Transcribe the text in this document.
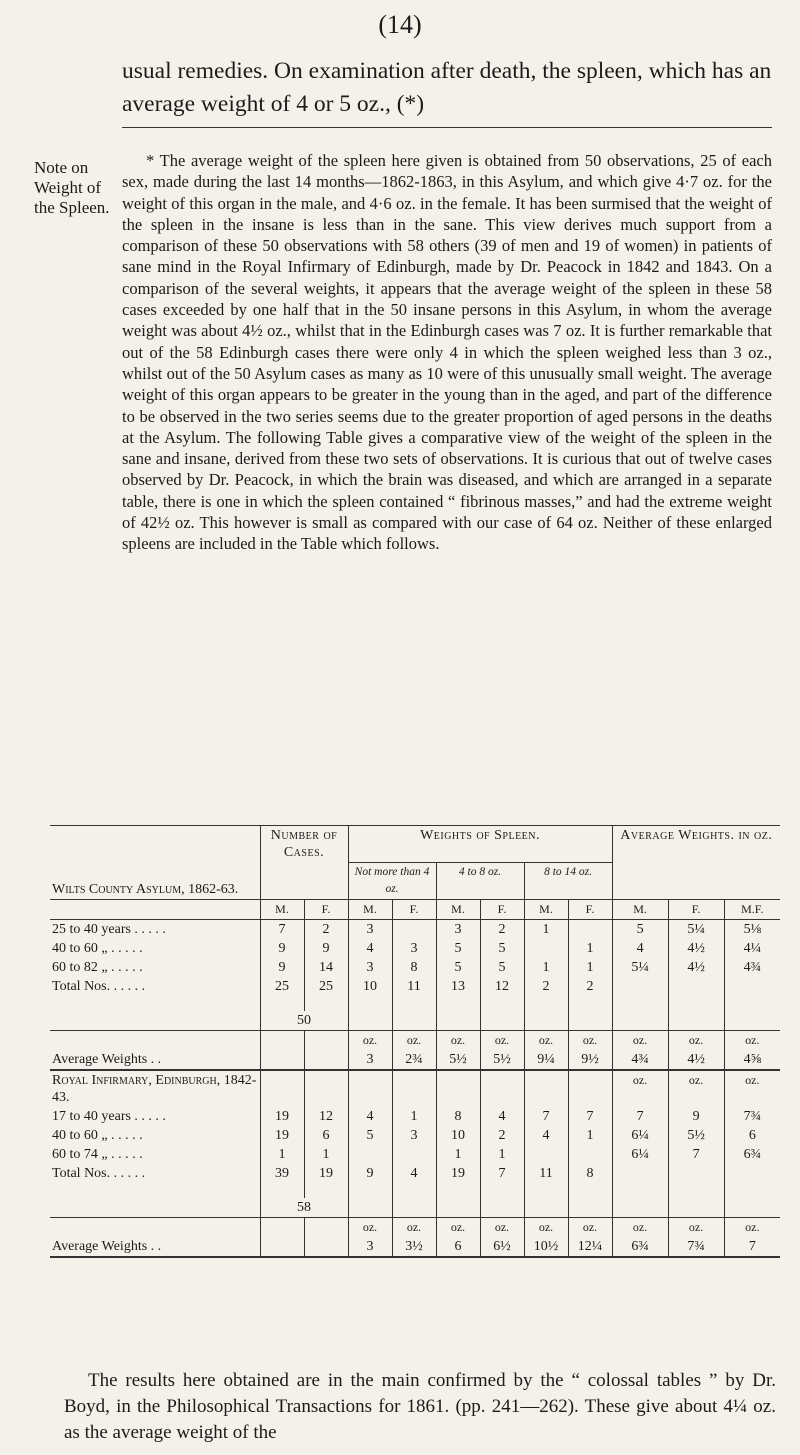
(14)
usual remedies. On examination after death, the spleen, which has an average weight of 4 or 5 oz., (*)
Note on
Weight of
the Spleen.

* The average weight of the spleen here given is obtained from 50 observations, 25 of each sex, made during the last 14 months—1862-1863, in this Asylum, and which give 4·7 oz. for the weight of this organ in the male, and 4·6 oz. in the female. It has been surmised that the weight of the spleen in the insane is less than in the sane. This view derives much support from a comparison of these 50 observations with 58 others (39 of men and 19 of women) in patients of sane mind in the Royal Infirmary of Edinburgh, made by Dr. Peacock in 1842 and 1843. On a comparison of the several weights, it appears that the average weight of the spleen in these 58 cases exceeded by one half that in the 50 insane persons in this Asylum, in whom the average weight was about 4½ oz., whilst that in the Edinburgh cases was 7 oz. It is further remarkable that out of the 58 Edinburgh cases there were only 4 in which the spleen weighed less than 3 oz., whilst out of the 50 Asylum cases as many as 10 were of this unusually small weight. The average weight of this organ appears to be greater in the young than in the aged, and part of the difference to be observed in the two series seems due to the greater proportion of aged persons in the deaths at the Asylum. The following Table gives a comparative view of the weight of the spleen in the sane and insane, derived from these two sets of observations. It is curious that out of twelve cases observed by Dr. Peacock, in which the brain was diseased, and which are arranged in a separate table, there is one in which the spleen contained “ fibrinous masses,” and had the extreme weight of 42½ oz. This however is small as compared with our case of 64 oz. Neither of these enlarged spleens are included in the Table which follows.

Wilts County Asylum, 1862-63.	Number of Cases.		Weights of Spleen.						Average Weights. in oz.		
			Not more than 4 oz.		4 to 8 oz.		8 to 14 oz.				
	M.	F.	M.	F.	M.	F.	M.	F.	M.	F.	M.F.
25 to 40 years . . . . .	7	2	3		3	2	1		5	5¼	5⅛
40 to 60 „ . . . . .	9	9	4	3	5	5		1	4	4½	4¼
60 to 82 „ . . . . .	9	14	3	8	5	5	1	1	5¼	4½	4¾
Total Nos. . . . . .	25	25	10	11	13	12	2	2			
	50										
			oz.	oz.	oz.	oz.	oz.	oz.	oz.	oz.	oz.
Average Weights . .			3	2¾	5½	5½	9¼	9½	4¾	4½	4⅝
Royal Infirmary, Edinburgh, 1842-43.									oz.	oz.	oz.
17 to 40 years . . . . .	19	12	4	1	8	4	7	7	7	9	7¾
40 to 60 „ . . . . .	19	6	5	3	10	2	4	1	6¼	5½	6
60 to 74 „ . . . . .	1	1			1	1			6¼	7	6¾
Total Nos. . . . . .	39	19	9	4	19	7	11	8			
	58										
			oz.	oz.	oz.	oz.	oz.	oz.	oz.	oz.	oz.
Average Weights . .			3	3½	6	6½	10½	12¼	6¾	7¾	7

The results here obtained are in the main confirmed by the “ colossal tables ” by Dr. Boyd, in the Philosophical Transactions for 1861. (pp. 241—262). These give about 4¼ oz. as the average weight of the
